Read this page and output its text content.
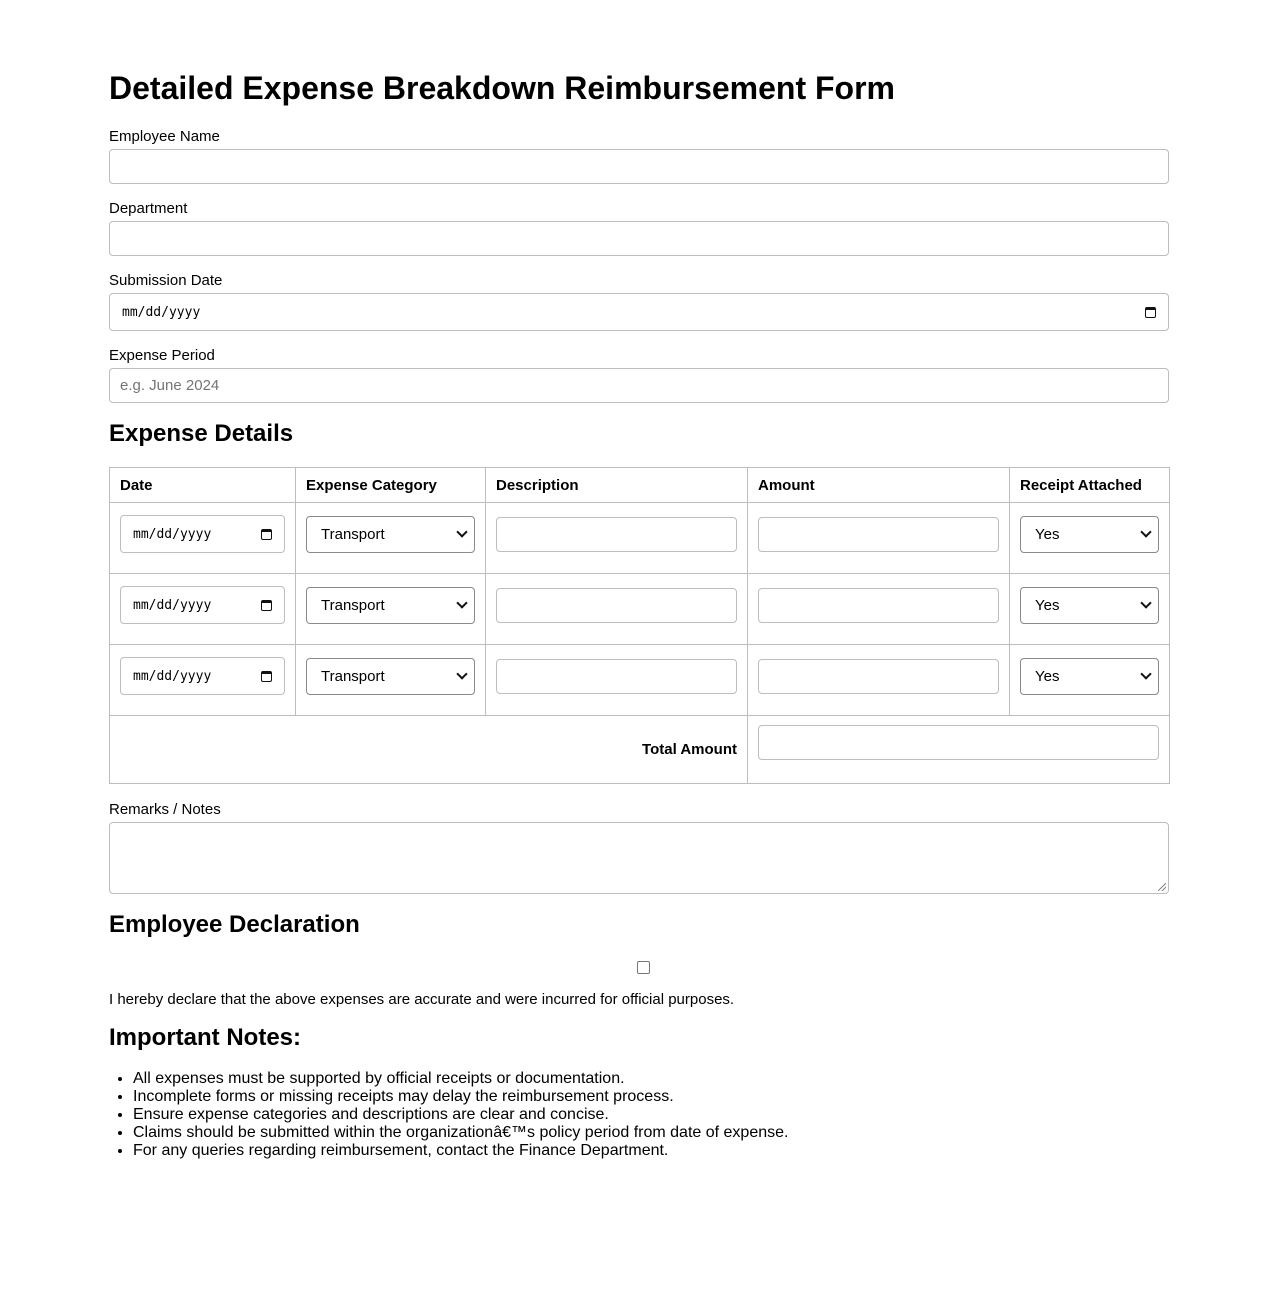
Detailed Expense Breakdown Reimbursement Form
Employee Name
Department
Submission Date
mm/dd/yyyy
Expense Period
e.g. June 2024
Expense Details
Date	Expense Category	Description	Amount	Receipt Attached

mm/dd/yyyy	Transport			Yes

mm/dd/yyyy	Transport			Yes

mm/dd/yyyy	Transport			Yes

Total Amount				
Remarks / Notes
Employee Declaration
I hereby declare that the above expenses are accurate and were incurred for official purposes.
Important Notes:
• All expenses must be supported by official receipts or documentation.
• Incomplete forms or missing receipts may delay the reimbursement process.
• Ensure expense categories and descriptions are clear and concise.
• Claims should be submitted within the organizationâ€™s policy period from date of expense.
• For any queries regarding reimbursement, contact the Finance Department.
